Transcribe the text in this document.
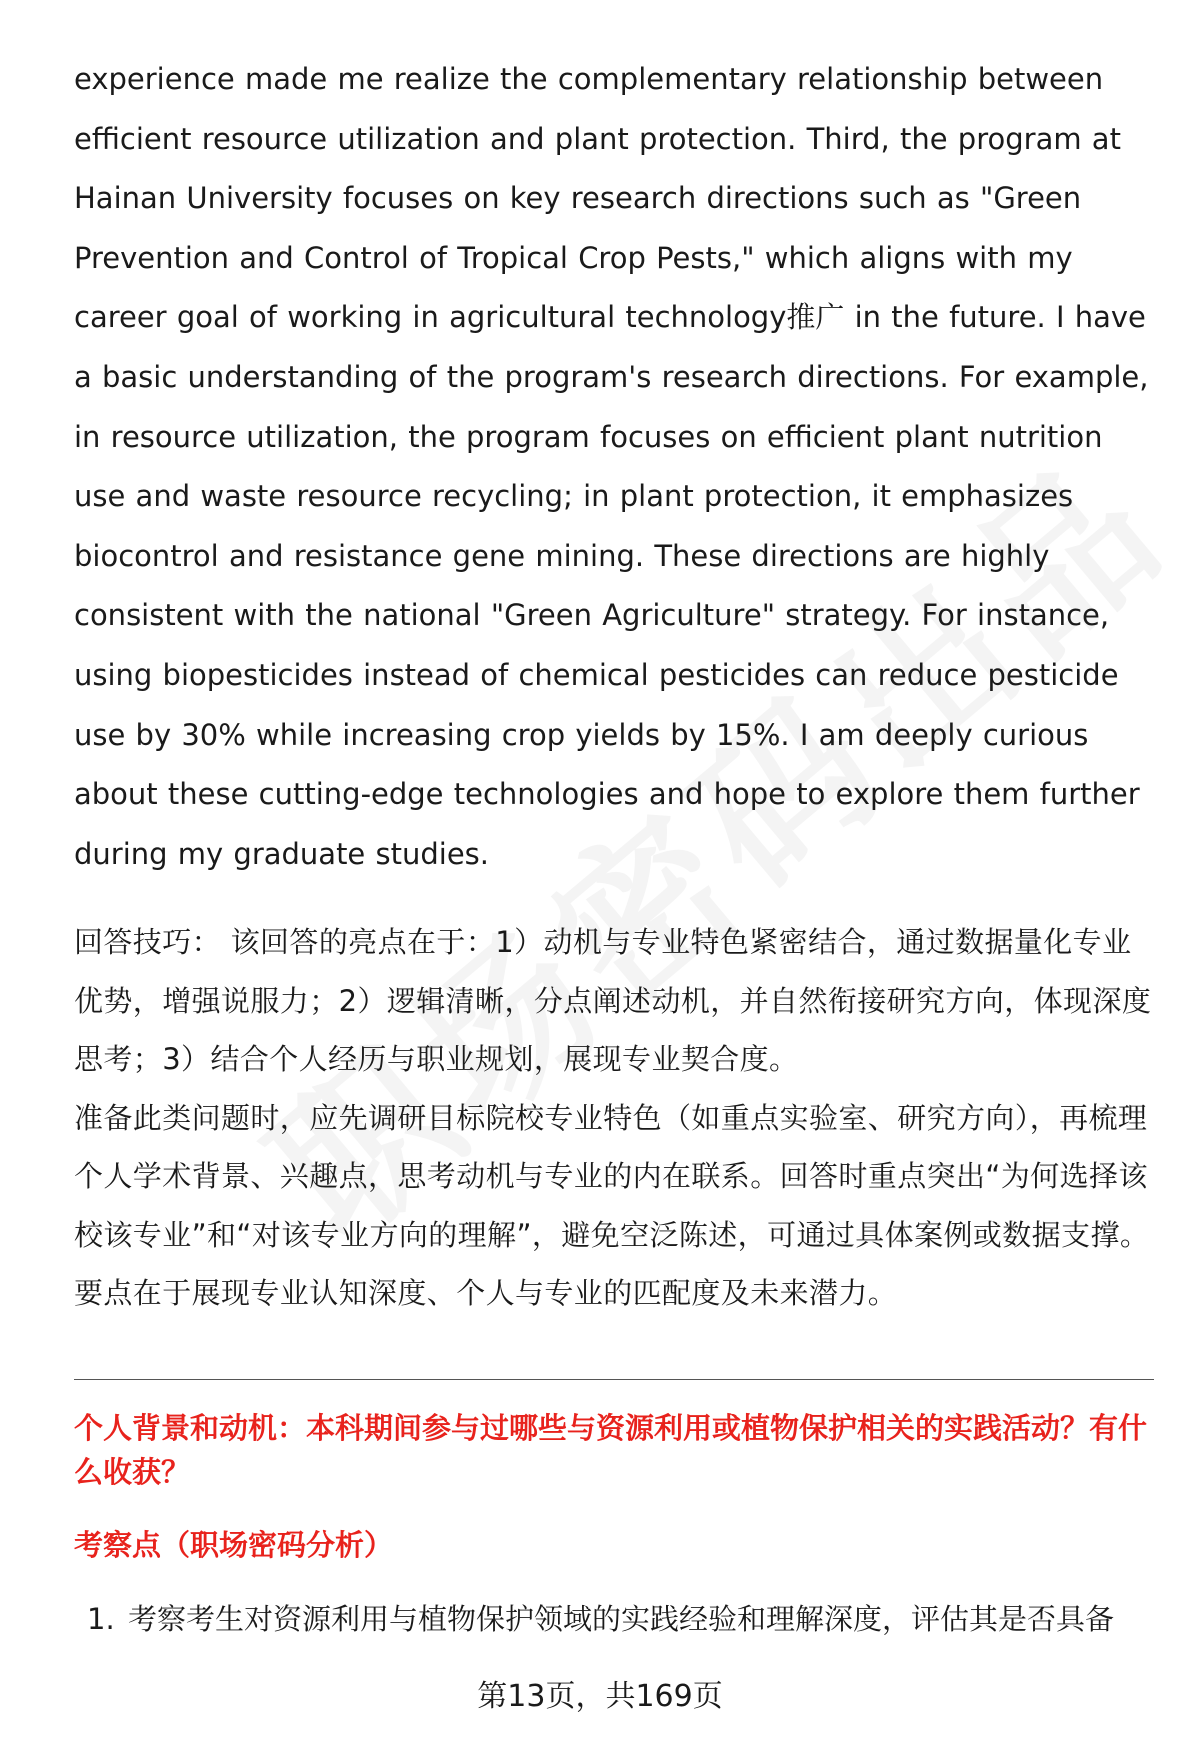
experience made me realize the complementary relationship between efficient resource utilization and plant protection. Third, the program at Hainan University focuses on key research directions such as "Green Prevention and Control of Tropical Crop Pests," which aligns with my career goal of working in agricultural technology推广 in the future. I have a basic understanding of the program's research directions. For example, in resource utilization, the program focuses on efficient plant nutrition use and waste resource recycling; in plant protection, it emphasizes biocontrol and resistance gene mining. These directions are highly consistent with the national "Green Agriculture" strategy. For instance, using biopesticides instead of chemical pesticides can reduce pesticide use by 30% while increasing crop yields by 15%. I am deeply curious about these cutting-edge technologies and hope to explore them further during my graduate studies.

回答技巧： 该回答的亮点在于：1）动机与专业特色紧密结合，通过数据量化专业优势，增强说服力；2）逻辑清晰，分点阐述动机，并自然衔接研究方向，体现深度思考；3）结合个人经历与职业规划，展现专业契合度。

准备此类问题时，应先调研目标院校专业特色（如重点实验室、研究方向），再梳理个人学术背景、兴趣点，思考动机与专业的内在联系。回答时重点突出“为何选择该校该专业”和“对该专业方向的理解”，避免空泛陈述，可通过具体案例或数据支撑。要点在于展现专业认知深度、个人与专业的匹配度及未来潜力。

个人背景和动机：本科期间参与过哪些与资源利用或植物保护相关的实践活动？有什么收获？

考察点（职场密码分析）

1. 考察考生对资源利用与植物保护领域的实践经验和理解深度，评估其是否具备
第13页，共169页
